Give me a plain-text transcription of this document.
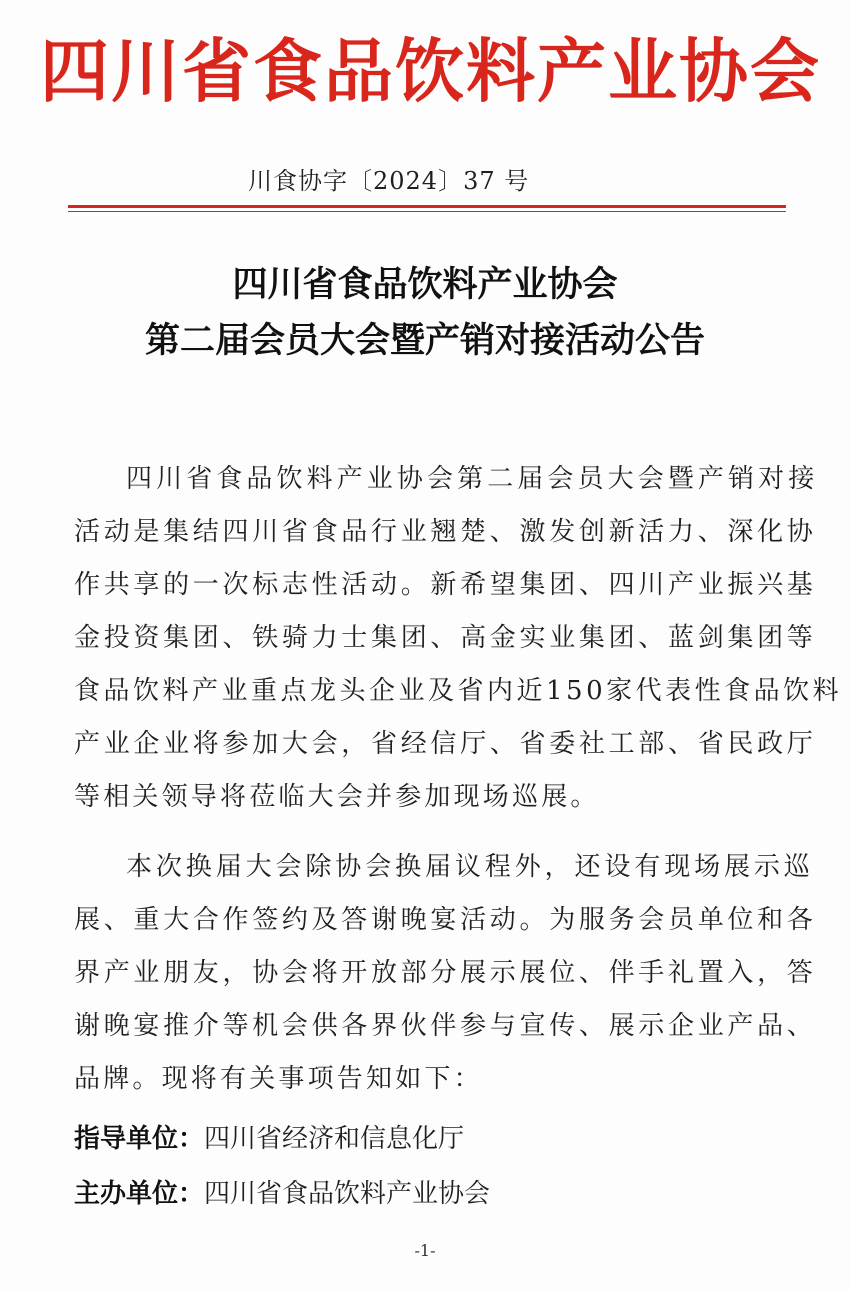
四川省食品饮料产业协会
川食协字〔2024〕37 号
四川省食品饮料产业协会
第二届会员大会暨产销对接活动公告
四川省食品饮料产业协会第二届会员大会暨产销对接
活动是集结四川省食品行业翘楚、激发创新活力、深化协
作共享的一次标志性活动。新希望集团、四川产业振兴基
金投资集团、铁骑力士集团、高金实业集团、蓝剑集团等
食品饮料产业重点龙头企业及省内近150家代表性食品饮料
产业企业将参加大会，省经信厅、省委社工部、省民政厅
等相关领导将莅临大会并参加现场巡展。
本次换届大会除协会换届议程外，还设有现场展示巡
展、重大合作签约及答谢晚宴活动。为服务会员单位和各
界产业朋友，协会将开放部分展示展位、伴手礼置入，答
谢晚宴推介等机会供各界伙伴参与宣传、展示企业产品、
品牌。现将有关事项告知如下：
指导单位：四川省经济和信息化厅
主办单位：四川省食品饮料产业协会
-1-
